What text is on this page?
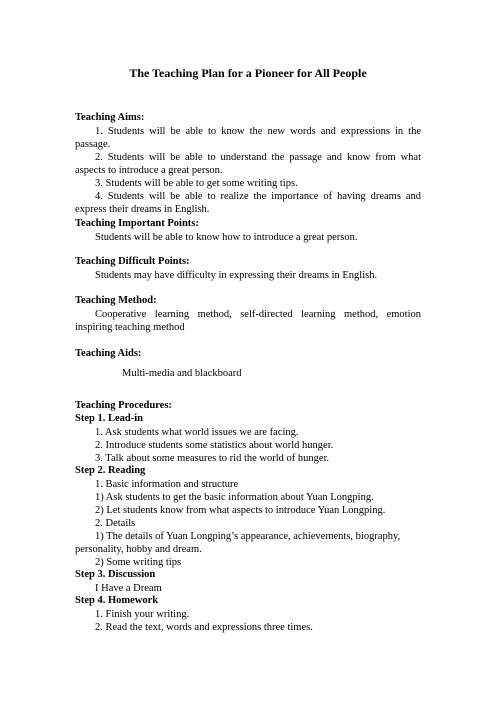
The Teaching Plan for a Pioneer for All People
Teaching Aims:
1. Students will be able to know the new words and expressions in the passage.
2. Students will be able to understand the passage and know from what aspects to introduce a great person.
3. Students will be able to get some writing tips.
4. Students will be able to realize the importance of having dreams and express their dreams in English.
Teaching Important Points:
Students will be able to know how to introduce a great person.
Teaching Difficult Points:
Students may have difficulty in expressing their dreams in English.
Teaching Method:
Cooperative learning method, self-directed learning method, emotion inspiring teaching method
Teaching Aids:
Multi-media and blackboard
Teaching Procedures:
Step 1. Lead-in
1. Ask students what world issues we are facing.
2. Introduce students some statistics about world hunger.
3. Talk about some measures to rid the world of hunger.
Step 2. Reading
1. Basic information and structure
1) Ask students to get the basic information about Yuan Longping.
2) Let students know from what aspects to introduce Yuan Longping.
2. Details
1) The details of Yuan Longping’s appearance, achievements, biography, personality, hobby and dream.
2) Some writing tips
Step 3. Discussion
I Have a Dream
Step 4. Homework
1. Finish your writing.
2. Read the text, words and expressions three times.
